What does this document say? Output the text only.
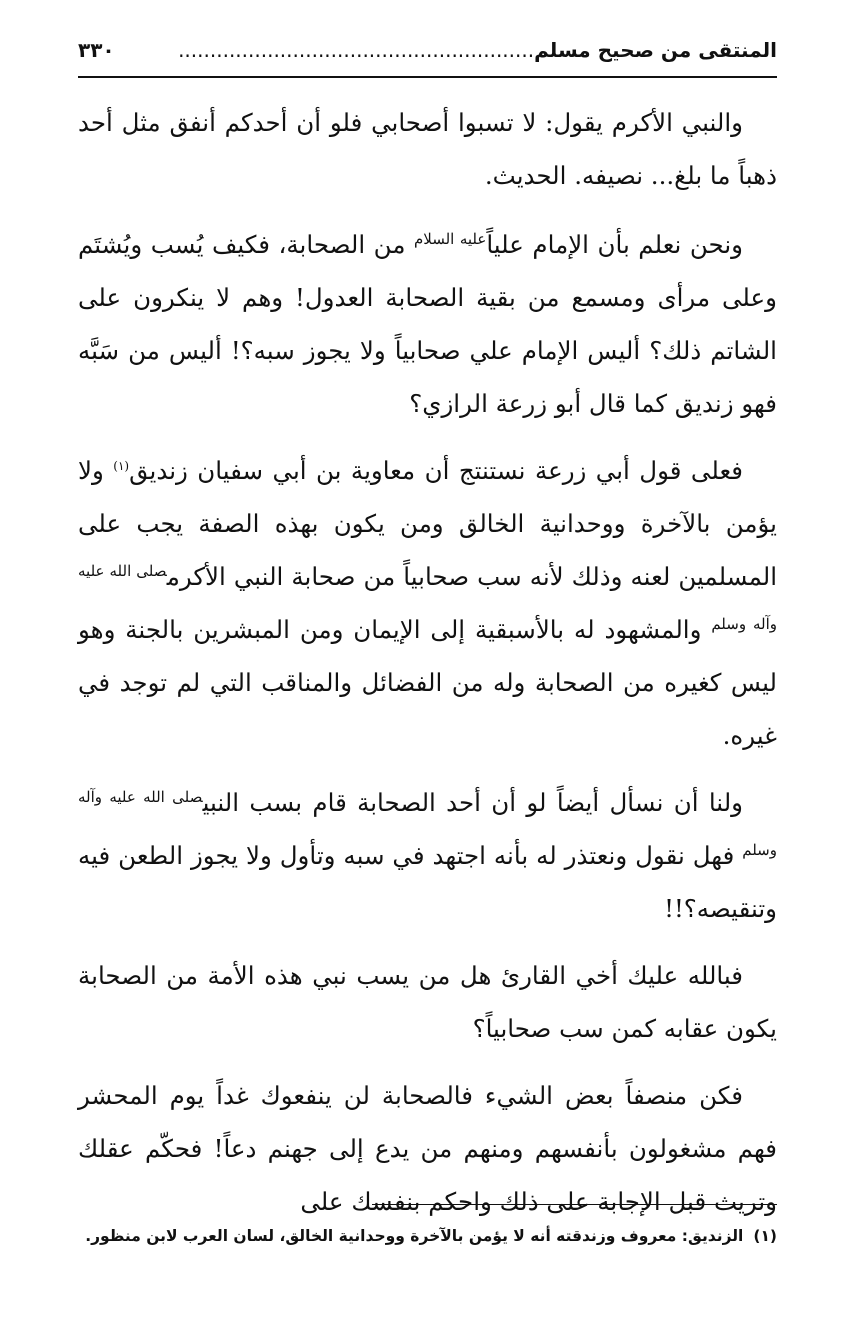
المنتقى من صحيح مسلم........................................................
٣٣٠

والنبي الأكرم يقول: لا تسبوا أصحابي فلو أن أحدكم أنفق مثل أحد ذهباً ما بلغ... نصيفه. الحديث.

ونحن نعلم بأن الإمام علياً$^{عليه السلام}$ من الصحابة، فكيف يُسب ويُشتَم وعلى مرأى ومسمع من بقية الصحابة العدول! وهم لا ينكرون على الشاتم ذلك؟ أليس الإمام علي صحابياً ولا يجوز سبه؟! أليس من سَبَّه فهو زنديق كما قال أبو زرعة الرازي؟

فعلى قول أبي زرعة نستنتج أن معاوية بن أبي سفيان زنديق$^{(١)}$ ولا يؤمن بالآخرة ووحدانية الخالق ومن يكون بهذه الصفة يجب على المسلمين لعنه وذلك لأنه سب صحابياً من صحابة النبي الأكرم$^{صلى الله عليه وآله وسلم}$ والمشهود له بالأسبقية إلى الإيمان ومن المبشرين بالجنة وهو ليس كغيره من الصحابة وله من الفضائل والمناقب التي لم توجد في غيره.

ولنا أن نسأل أيضاً لو أن أحد الصحابة قام بسب النبي$^{صلى الله عليه وآله وسلم}$ فهل نقول ونعتذر له بأنه اجتهد في سبه وتأول ولا يجوز الطعن فيه وتنقيصه؟!!

فبالله عليك أخي القارئ هل من يسب نبي هذه الأمة من الصحابة يكون عقابه كمن سب صحابياً؟

فكن منصفاً بعض الشيء فالصحابة لن ينفعوك غداً يوم المحشر فهم مشغولون بأنفسهم ومنهم من يدع إلى جهنم دعاً! فحكّم عقلك وتريث قبل الإجابة على ذلك واحكم بنفسك على

(١)الزنديق: معروف وزندقته أنه لا يؤمن بالآخرة ووحدانية الخالق، لسان العرب لابن منظور.
